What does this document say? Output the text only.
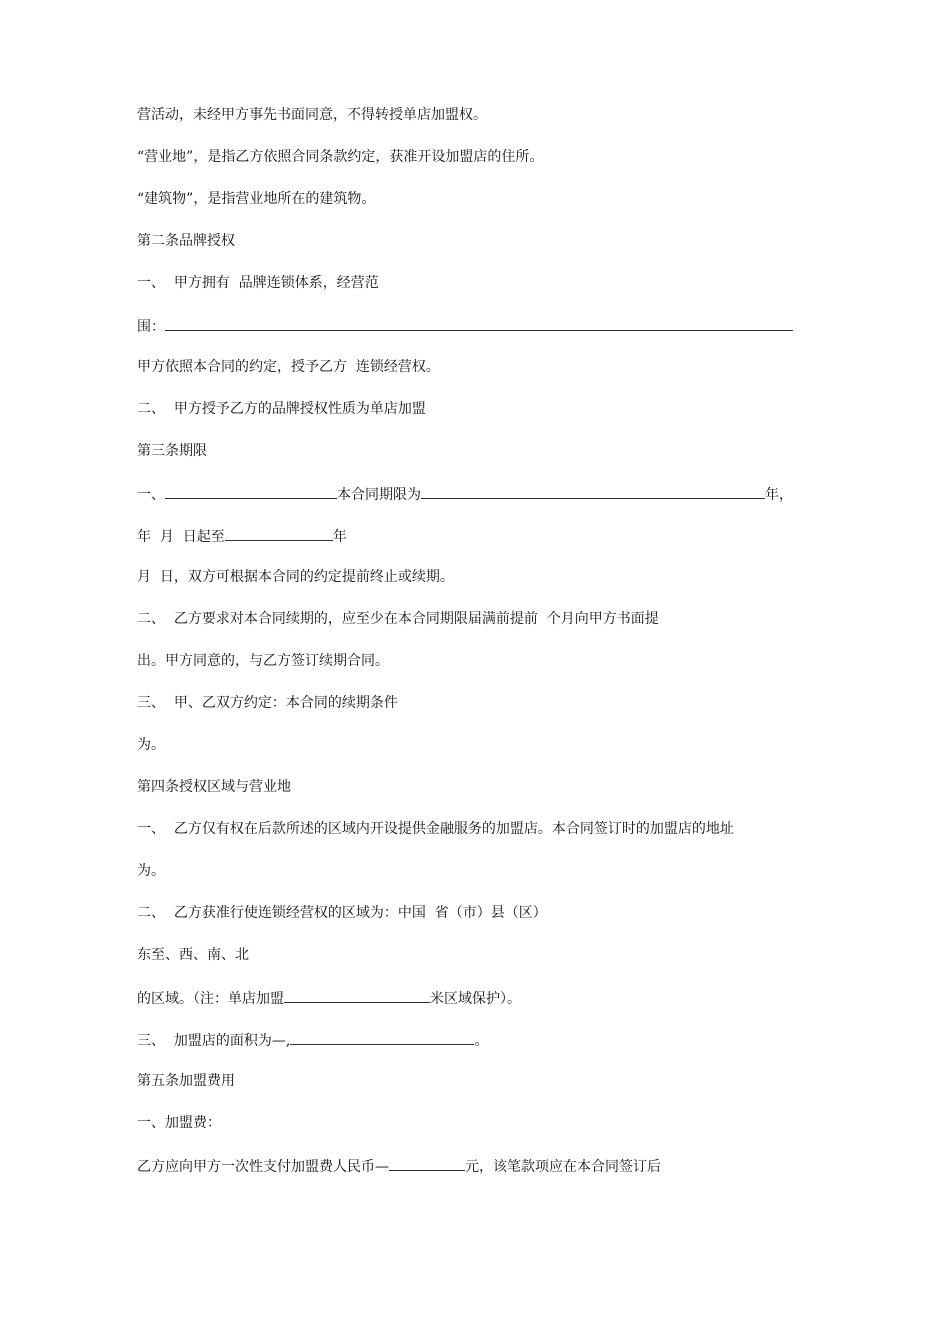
营活动，未经甲方事先书面同意，不得转授单店加盟权。
“营业地”，是指乙方依照合同条款约定，获准开设加盟店的住所。
“建筑物”，是指营业地所在的建筑物。
第二条品牌授权
一、  甲方拥有  品牌连锁体系，经营范
围：
甲方依照本合同的约定，授予乙方  连锁经营权。
二、  甲方授予乙方的品牌授权性质为单店加盟
第三条期限
一、	本合同期限为	年，
年  月  日起至	年
月  日，双方可根据本合同的约定提前终止或续期。
二、  乙方要求对本合同续期的，应至少在本合同期限届满前提前  个月向甲方书面提
出。甲方同意的，与乙方签订续期合同。
三、  甲、乙双方约定：本合同的续期条件
为。
第四条授权区域与营业地
一、  乙方仅有权在后款所述的区域内开设提供金融服务的加盟店。本合同签订时的加盟店的地址
为。
二、  乙方获准行使连锁经营权的区域为：中国  省（市）县（区）
东至、西、南、北
的区域。（注：单店加盟	米区域保护）。
三、  加盟店的面积为—,	。
第五条加盟费用
一、加盟费：
乙方应向甲方一次性支付加盟费人民币—	元，该笔款项应在本合同签订后
